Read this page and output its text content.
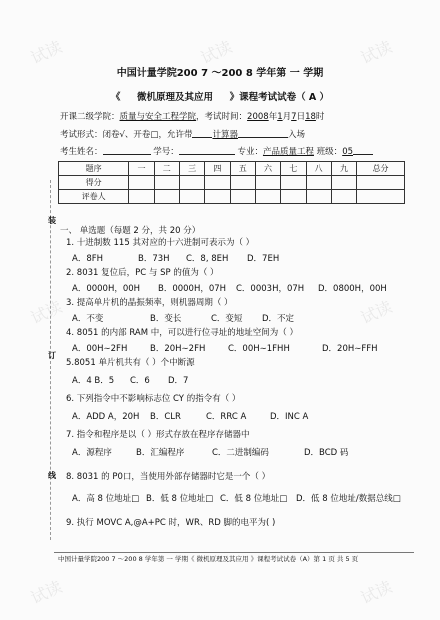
试读	试读	试读
试读	试读
试读	试读
中国计量学院200 7 ～200 8 学年第 一 学期
《 微机原理及其应用 》课程考试试卷（ A ）
开课二级学院：质量与安全工程学院，考试时间：2008年1月7日18时
考试形式：闭卷√、开卷□，允许带 计算器	入场
考生姓名：	学号：	专业：产品质量工程 班级：05
题序	一	二	三	四	五	六	七	八	九	总分
得分										
评卷人										
装
订
线
一、 单选题（每题 2 分，共 20 分）
1. 十进制数 115 其对应的十六进制可表示为（ ）
A．8FH	B．73H C．8, 8EH D．7EH
2. 8031 复位后，PC 与 SP 的值为（ ）
A．0000H，00H B．0000H，07H C．0003H，07H D．0800H，00H
3. 提高单片机的晶振频率，则机器周期（ ）
A．不变	B．变长	C．变短 D．不定
4. 8051 的内部 RAM 中，可以进行位寻址的地址空间为（ ）
A．00H∼2FH	B．20H∼2FH	C．00H∼1FHH	D．20H∼FFH
5.8051 单片机共有（ ）个中断源
A．4 B．5 C．6 D．7
6. 下列指令中不影响标志位 CY 的指令有（ ）
A．ADD A，20H B．CLR	C．RRC A	D．INC A
7. 指令和程序是以（ ）形式存放在程序存储器中
A．源程序	B．汇编程序	C．二进制编码	D．BCD 码
8. 8031 的 P0口，当使用外部存储器时它是一个（ ）
A．高 8 位地址□ B．低 8 位地址□ C．低 8 位地址□ D．低 8 位地址/数据总线□
9. 执行 MOVC A,@A+PC 时，WR、RD 脚的电平为( )
中国计量学院200 7 ～200 8 学年第 一 学期《 微机原理及其应用 》课程考试试卷（A）第 1 页 共 5 页
